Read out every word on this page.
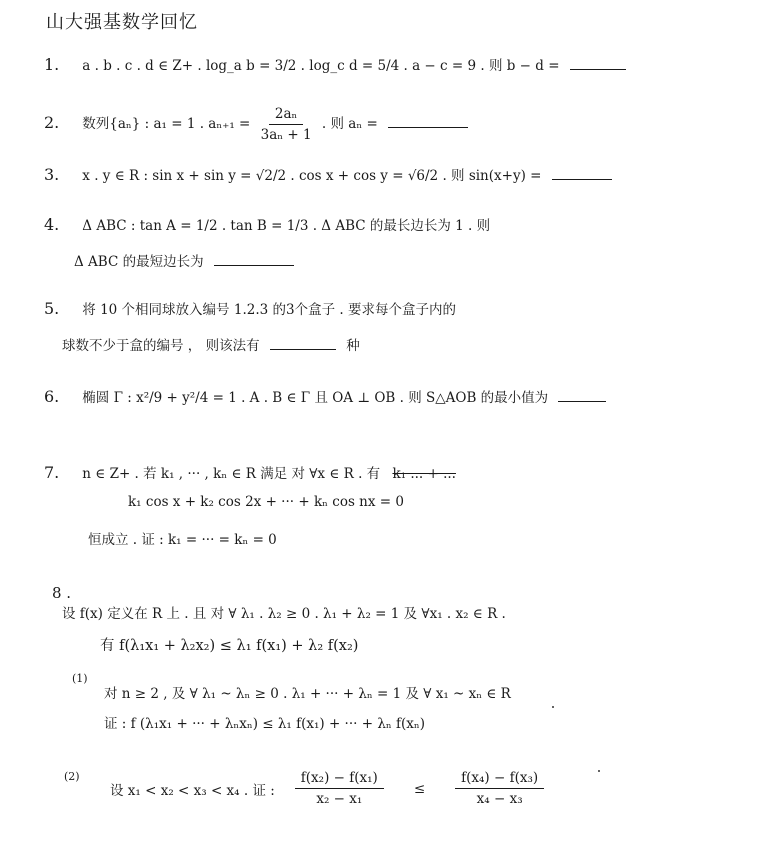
山大强基数学回忆
1. a . b . c . d ∈ Z+ . log_a b = 3/2 . log_c d = 5/4 . a − c = 9 . 则 b − d =
2. 数列{aₙ} : a₁ = 1 . $a_{n+1} = \frac{\text{2aₙ}}{\text{3aₙ + 1}}$ . 则 aₙ =
3. x . y ∈ R : sin x + sin y = √2/2 . cos x + cos y = √6/2 . 则 sin(x+y) =
4. Δ ABC : tan A = 1/2 . tan B = 1/3 . Δ ABC 的最长边长为 1 . 则
Δ ABC 的最短边长为
5. 将 10 个相同球放入编号 1.2.3 的3个盒子 . 要求每个盒子内的
球数不少于盒的编号 ， 则该法有	种
6. 椭圆 Γ : x²/9 + y²/4 = 1 . A . B ∈ Γ 且 OA ⊥ OB . 则 S△AOB 的最小值为
7. n ∈ Z+ . 若 k₁ , ··· , kₙ ∈ R 满足 对 ∀x ∈ R . 有 k₁ ... + ...
k₁ cos x + k₂ cos 2x + ··· + kₙ cos nx = 0
恒成立 . 证 : k₁ = ··· = kₙ = 0
8 .
设 f(x) 定义在 R 上 . 且 对 ∀ λ₁ . λ₂ ≥ 0 . λ₁ + λ₂ = 1 及 ∀x₁ . x₂ ∈ R .
有 f(λ₁x₁ + λ₂x₂) ≤ λ₁ f(x₁) + λ₂ f(x₂)
(1)
对 n ≥ 2 , 及 ∀ λ₁ ~ λₙ ≥ 0 . λ₁ + ··· + λₙ = 1 及 ∀ x₁ ~ xₙ ∈ R
证 : f (λ₁x₁ + ··· + λₙxₙ) ≤ λ₁ f(x₁) + ··· + λₙ f(xₙ)
(2)
设 x₁ < x₂ < x₃ < x₄ . 证 : $\frac{\text{f(x₂) − f(x₁)}}{\text{x₂ − x₁}} \le \frac{\text{f(x₄) − f(x₃)}}{\text{x₄ − x₃}}$
